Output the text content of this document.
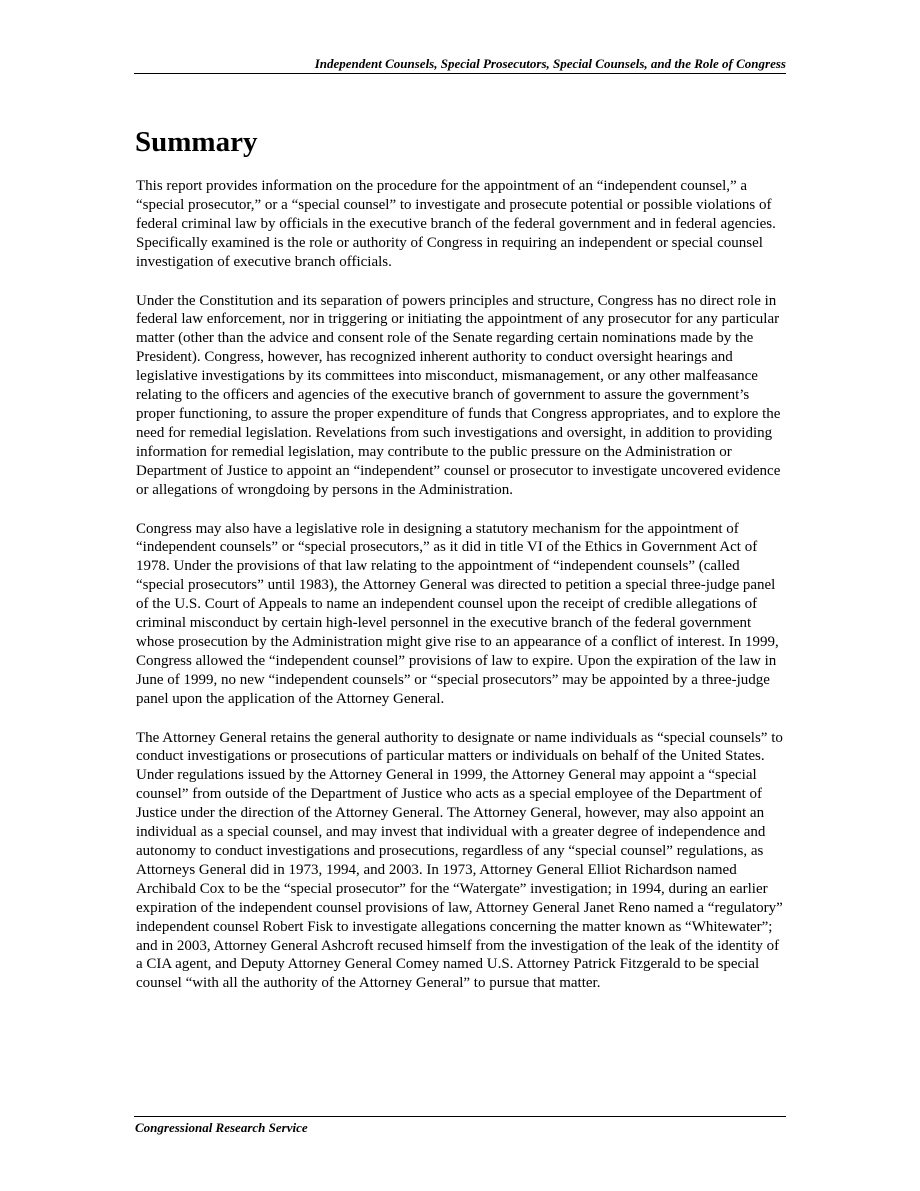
Independent Counsels, Special Prosecutors, Special Counsels, and the Role of Congress
Summary

This report provides information on the procedure for the appointment of an “independent counsel,” a “special prosecutor,” or a “special counsel” to investigate and prosecute potential or possible violations of federal criminal law by officials in the executive branch of the federal government and in federal agencies. Specifically examined is the role or authority of Congress in requiring an independent or special counsel investigation of executive branch officials.

Under the Constitution and its separation of powers principles and structure, Congress has no direct role in federal law enforcement, nor in triggering or initiating the appointment of any prosecutor for any particular matter (other than the advice and consent role of the Senate regarding certain nominations made by the President). Congress, however, has recognized inherent authority to conduct oversight hearings and legislative investigations by its committees into misconduct, mismanagement, or any other malfeasance relating to the officers and agencies of the executive branch of government to assure the government’s proper functioning, to assure the proper expenditure of funds that Congress appropriates, and to explore the need for remedial legislation. Revelations from such investigations and oversight, in addition to providing information for remedial legislation, may contribute to the public pressure on the Administration or Department of Justice to appoint an “independent” counsel or prosecutor to investigate uncovered evidence or allegations of wrongdoing by persons in the Administration.

Congress may also have a legislative role in designing a statutory mechanism for the appointment of “independent counsels” or “special prosecutors,” as it did in title VI of the Ethics in Government Act of 1978. Under the provisions of that law relating to the appointment of “independent counsels” (called “special prosecutors” until 1983), the Attorney General was directed to petition a special three-judge panel of the U.S. Court of Appeals to name an independent counsel upon the receipt of credible allegations of criminal misconduct by certain high-level personnel in the executive branch of the federal government whose prosecution by the Administration might give rise to an appearance of a conflict of interest. In 1999, Congress allowed the “independent counsel” provisions of law to expire. Upon the expiration of the law in June of 1999, no new “independent counsels” or “special prosecutors” may be appointed by a three-judge panel upon the application of the Attorney General.

The Attorney General retains the general authority to designate or name individuals as “special counsels” to conduct investigations or prosecutions of particular matters or individuals on behalf of the United States. Under regulations issued by the Attorney General in 1999, the Attorney General may appoint a “special counsel” from outside of the Department of Justice who acts as a special employee of the Department of Justice under the direction of the Attorney General. The Attorney General, however, may also appoint an individual as a special counsel, and may invest that individual with a greater degree of independence and autonomy to conduct investigations and prosecutions, regardless of any “special counsel” regulations, as Attorneys General did in 1973, 1994, and 2003. In 1973, Attorney General Elliot Richardson named Archibald Cox to be the “special prosecutor” for the “Watergate” investigation; in 1994, during an earlier expiration of the independent counsel provisions of law, Attorney General Janet Reno named a “regulatory” independent counsel Robert Fisk to investigate allegations concerning the matter known as “Whitewater”; and in 2003, Attorney General Ashcroft recused himself from the investigation of the leak of the identity of a CIA agent, and Deputy Attorney General Comey named U.S. Attorney Patrick Fitzgerald to be special counsel “with all the authority of the Attorney General” to pursue that matter.

Congressional Research Service
